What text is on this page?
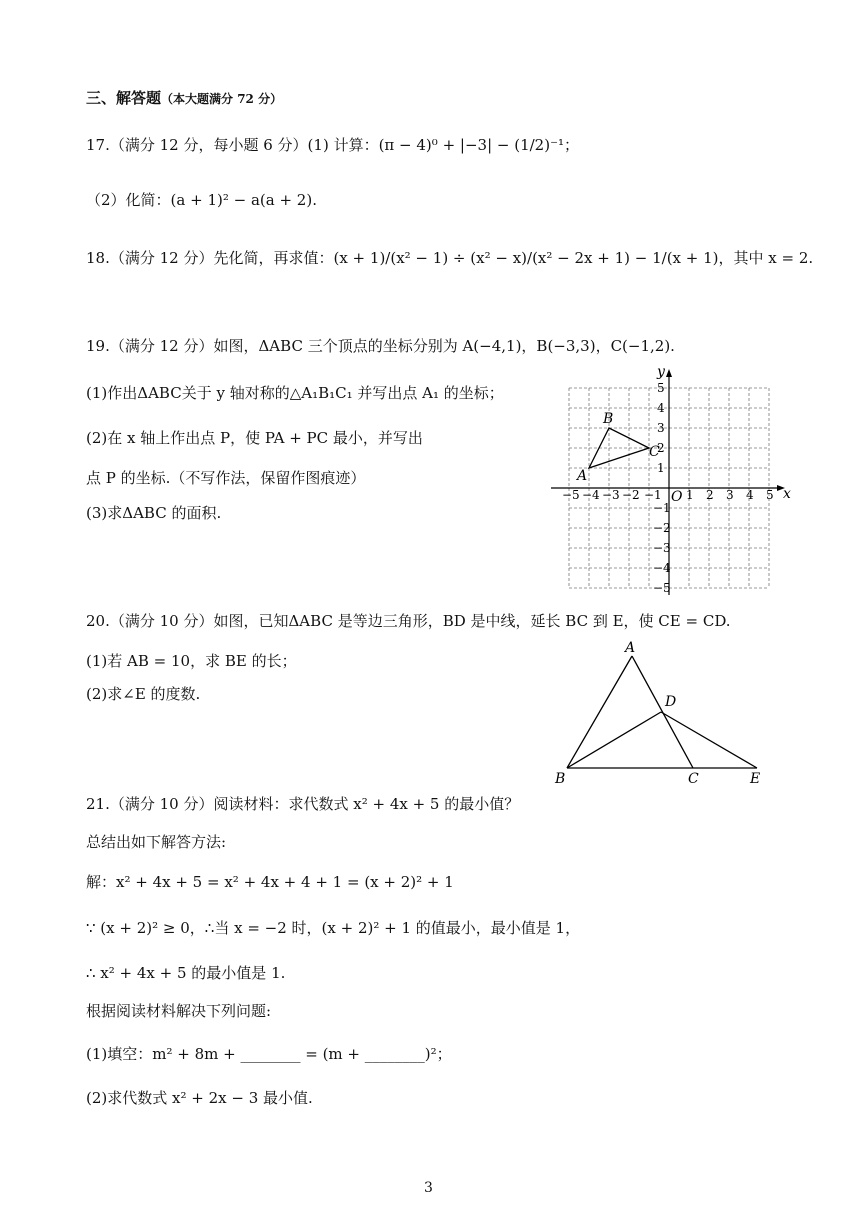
三、解答题（本大题满分 72 分）
17.（满分 12 分，每小题 6 分）(1) 计算：(π − 4)⁰ + |−3| − (1/2)⁻¹；
（2）化简：(a + 1)² − a(a + 2).
18.（满分 12 分）先化简，再求值：(x + 1)/(x² − 1) ÷ (x² − x)/(x² − 2x + 1) − 1/(x + 1)，其中 x = 2.
19.（满分 12 分）如图，ΔABC 三个顶点的坐标分别为 A(−4,1)，B(−3,3)，C(−1,2).
(1)作出ΔABC关于 y 轴对称的△A₁B₁C₁ 并写出点 A₁ 的坐标；
(2)在 x 轴上作出点 P，使 PA + PC 最小，并写出
点 P 的坐标.（不写作法，保留作图痕迹）
(3)求ΔABC 的面积.
x
y
O
−5 −4 −3 −2 −1 1 2 3 4 5
5
4
3
2
1
−1
−2
−3
−4
−5
A
B
C
20.（满分 10 分）如图，已知ΔABC 是等边三角形，BD 是中线，延长 BC 到 E，使 CE = CD.
(1)若 AB = 10，求 BE 的长；
(2)求∠E 的度数.
A
B	C
D
E
21.（满分 10 分）阅读材料：求代数式 x² + 4x + 5 的最小值？
总结出如下解答方法:
解：x² + 4x + 5 = x² + 4x + 4 + 1 = (x + 2)² + 1
∵ (x + 2)² ≥ 0，∴当 x = −2 时，(x + 2)² + 1 的值最小，最小值是 1，
∴ x² + 4x + 5 的最小值是 1.
根据阅读材料解决下列问题:
(1)填空：m² + 8m + ________ = (m + ________)²；
(2)求代数式 x² + 2x − 3 最小值.
3
